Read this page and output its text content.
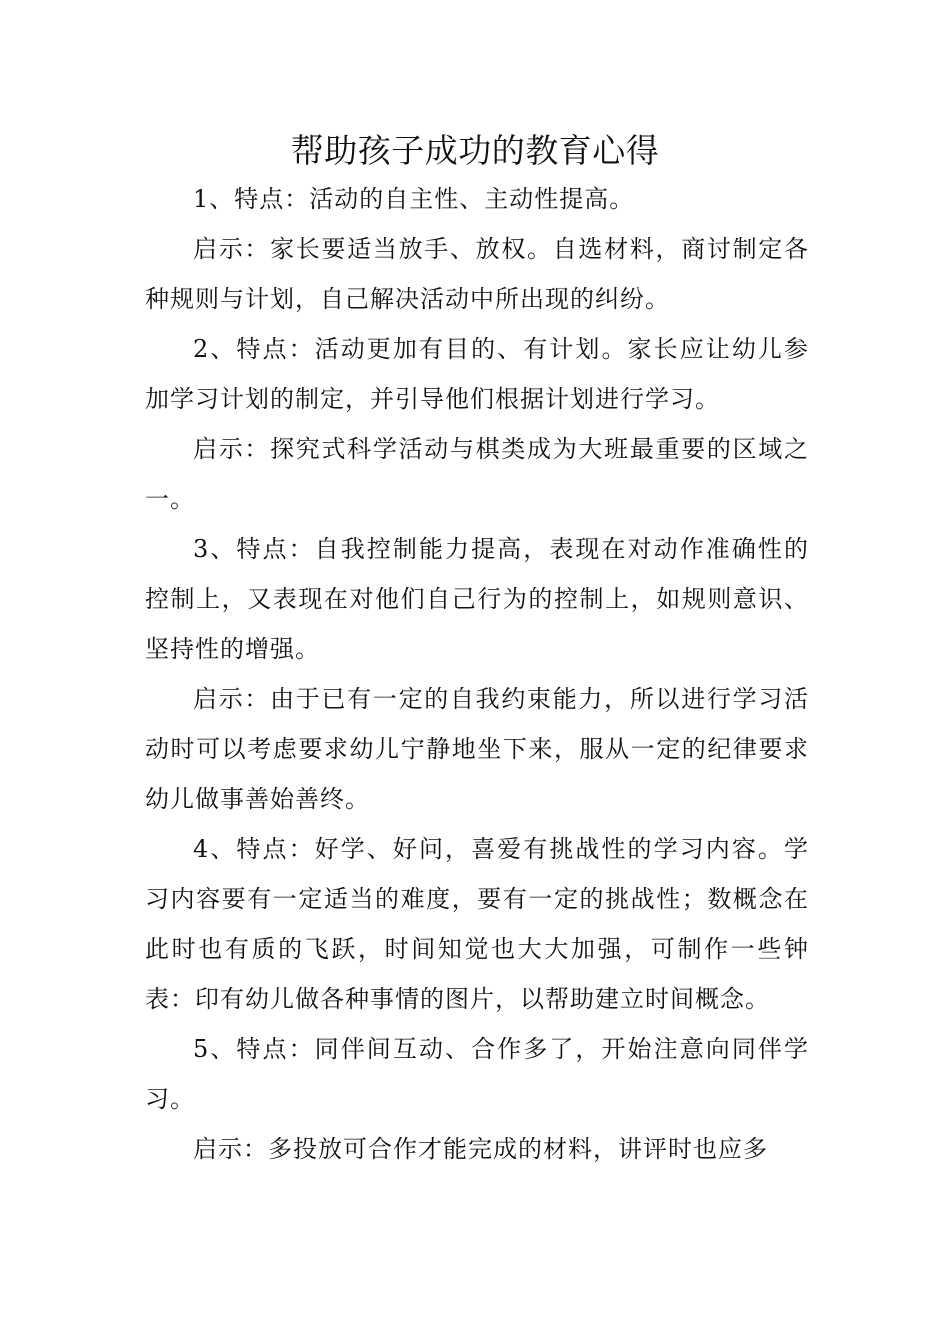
帮助孩子成功的教育心得

1、特点：活动的自主性、主动性提高。

启示：家长要适当放手、放权。自选材料，商讨制定各种规则与计划，自己解决活动中所出现的纠纷。

2、特点：活动更加有目的、有计划。家长应让幼儿参加学习计划的制定，并引导他们根据计划进行学习。

启示：探究式科学活动与棋类成为大班最重要的区域之一。

3、特点：自我控制能力提高，表现在对动作准确性的控制上，又表现在对他们自己行为的控制上，如规则意识、坚持性的增强。

启示：由于已有一定的自我约束能力，所以进行学习活动时可以考虑要求幼儿宁静地坐下来，服从一定的纪律要求幼儿做事善始善终。

4、特点：好学、好问，喜爱有挑战性的学习内容。学习内容要有一定适当的难度，要有一定的挑战性；数概念在此时也有质的飞跃，时间知觉也大大加强，可制作一些钟表：印有幼儿做各种事情的图片，以帮助建立时间概念。

5、特点：同伴间互动、合作多了，开始注意向同伴学习。

启示：多投放可合作才能完成的材料，讲评时也应多
